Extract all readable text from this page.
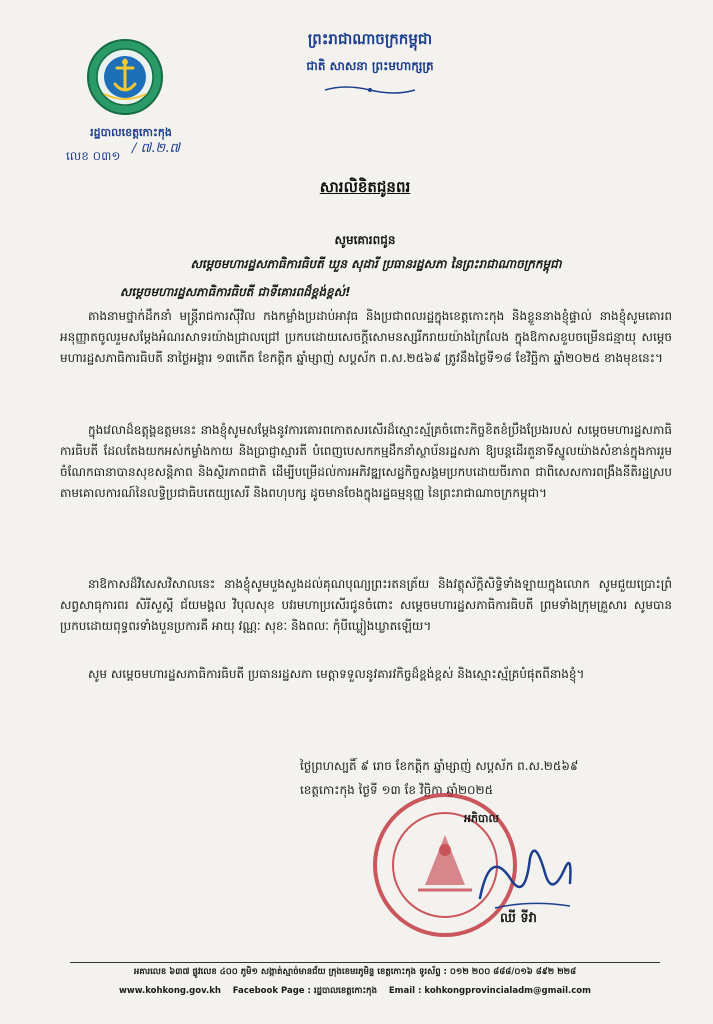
រដ្ឋបាលខេត្តកោះកុង
លេខ ០៣១ / ៧.២.៧
ព្រះរាជាណាចក្រកម្ពុជា
ជាតិ សាសនា ព្រះមហាក្សត្រ
សារលិខិតជូនពរ
សូមគោរពជូន
សម្តេចមហារដ្ឋសភាធិការធិបតី ឃួន សុដារី ប្រធានរដ្ឋសភា នៃព្រះរាជាណាចក្រកម្ពុជា
សម្តេចមហារដ្ឋសភាធិការធិបតី ជាទីគោរពដ៏ខ្ពង់ខ្ពស់!
តាងនាមថ្នាក់ដឹកនាំ មន្ត្រីរាជការស៊ីវិល កងកម្លាំងប្រដាប់អាវុធ និងប្រជាពលរដ្ឋក្នុងខេត្តកោះកុង និងខ្លួននាងខ្ញុំផ្ទាល់ នាងខ្ញុំសូមគោរពអនុញ្ញាតចូលរួមសម្តែងអំណរសាទរយ៉ាងជ្រាលជ្រៅ ប្រកបដោយសេចក្តីសោមនស្សរីករាយយ៉ាងក្រៃលែង ក្នុងឱកាសខួបចម្រើនជន្មាយុ សម្តេចមហារដ្ឋសភាធិការធិបតី នាថ្ងៃអង្គារ ១៣កើត ខែកត្តិក ឆ្នាំម្សាញ់ សប្តស័ក ព.ស.២៥៦៩ ត្រូវនឹងថ្ងៃទី១៨ ខែវិច្ឆិកា ឆ្នាំ២០២៥ ខាងមុខនេះ។
ក្នុងវេលាដ៏ឧត្តុង្គឧត្តមនេះ នាងខ្ញុំសូមសម្តែងនូវការគោរពកោតសរសើរដ៏ស្មោះស្ម័គ្រចំពោះកិច្ចខិតខំប្រឹងប្រែងរបស់ សម្តេចមហារដ្ឋសភាធិការធិបតី ដែលតែងយកអស់កម្លាំងកាយ និងប្រាជ្ញាស្មារតី បំពេញបេសកកម្មដឹកនាំស្ថាប័នរដ្ឋសភា ឱ្យបន្តដើរតួនាទីស្នូលយ៉ាងសំខាន់ក្នុងការរួមចំណែកធានាបានសុខសន្តិភាព និងស្ថិរភាពជាតិ ដើម្បីបម្រើដល់ការអភិវឌ្ឍសេដ្ឋកិច្ចសង្គមប្រកបដោយចីរភាព ជាពិសេសការពង្រឹងនីតិរដ្ឋស្របតាមគោលការណ៍នៃលទ្ធិប្រជាធិបតេយ្យសេរី និងពហុបក្ស ដូចមានចែងក្នុងរដ្ឋធម្មនុញ្ញ នៃព្រះរាជាណាចក្រកម្ពុជា។
នាឱកាសដ៏វិសេសវិសាលនេះ នាងខ្ញុំសូមបួងសួងដល់គុណបុណ្យព្រះរតនត្រ័យ និងវត្ថុស័ក្តិសិទ្ធិទាំងឡាយក្នុងលោក សូមជួយប្រោះព្រំសព្វសាធុការពរ សិរីសួស្តី ជ័យមង្គល វិបុលសុខ បវរមហាប្រសើរជូនចំពោះ សម្តេចមហារដ្ឋសភាធិការធិបតី ព្រមទាំងក្រុមគ្រួសារ សូមបានប្រកបដោយពុទ្ធពរទាំងបួនប្រការគឺ អាយុ វណ្ណៈ សុខៈ និងពលៈ កុំបីឃ្លៀងឃ្លាតឡើយ។
សូម សម្តេចមហារដ្ឋសភាធិការធិបតី ប្រធានរដ្ឋសភា មេត្តាទទួលនូវគារវកិច្ចដ៏ខ្ពង់ខ្ពស់ និងស្មោះស្ម័គ្របំផុតពីនាងខ្ញុំ។
ថ្ងៃព្រហស្បតិ៍ ៩ រោច ខែកត្តិក ឆ្នាំម្សាញ់ សប្តស័ក ព.ស.២៥៦៩
ខេត្តកោះកុង ថ្ងៃទី ១៣ ខែ វិច្ឆិកា ឆ្នាំ២០២៥
អភិបាល
ឈី ទីវា
អគារលេខ ៦៣៧ ផ្លូវលេខ ៤០០ ភូមិ១ សង្កាត់ស្មាច់មានជ័យ ក្រុងខេមរភូមិន្ទ ខេត្តកោះកុង ទូរស័ព្ទ : ០១២ ២០០ ៨៨៨/០១៦ ៨៩២ ២២៨
www.kohkong.gov.kh Facebook Page : រដ្ឋបាលខេត្តកោះកុង Email : kohkongprovincialadm@gmail.com
